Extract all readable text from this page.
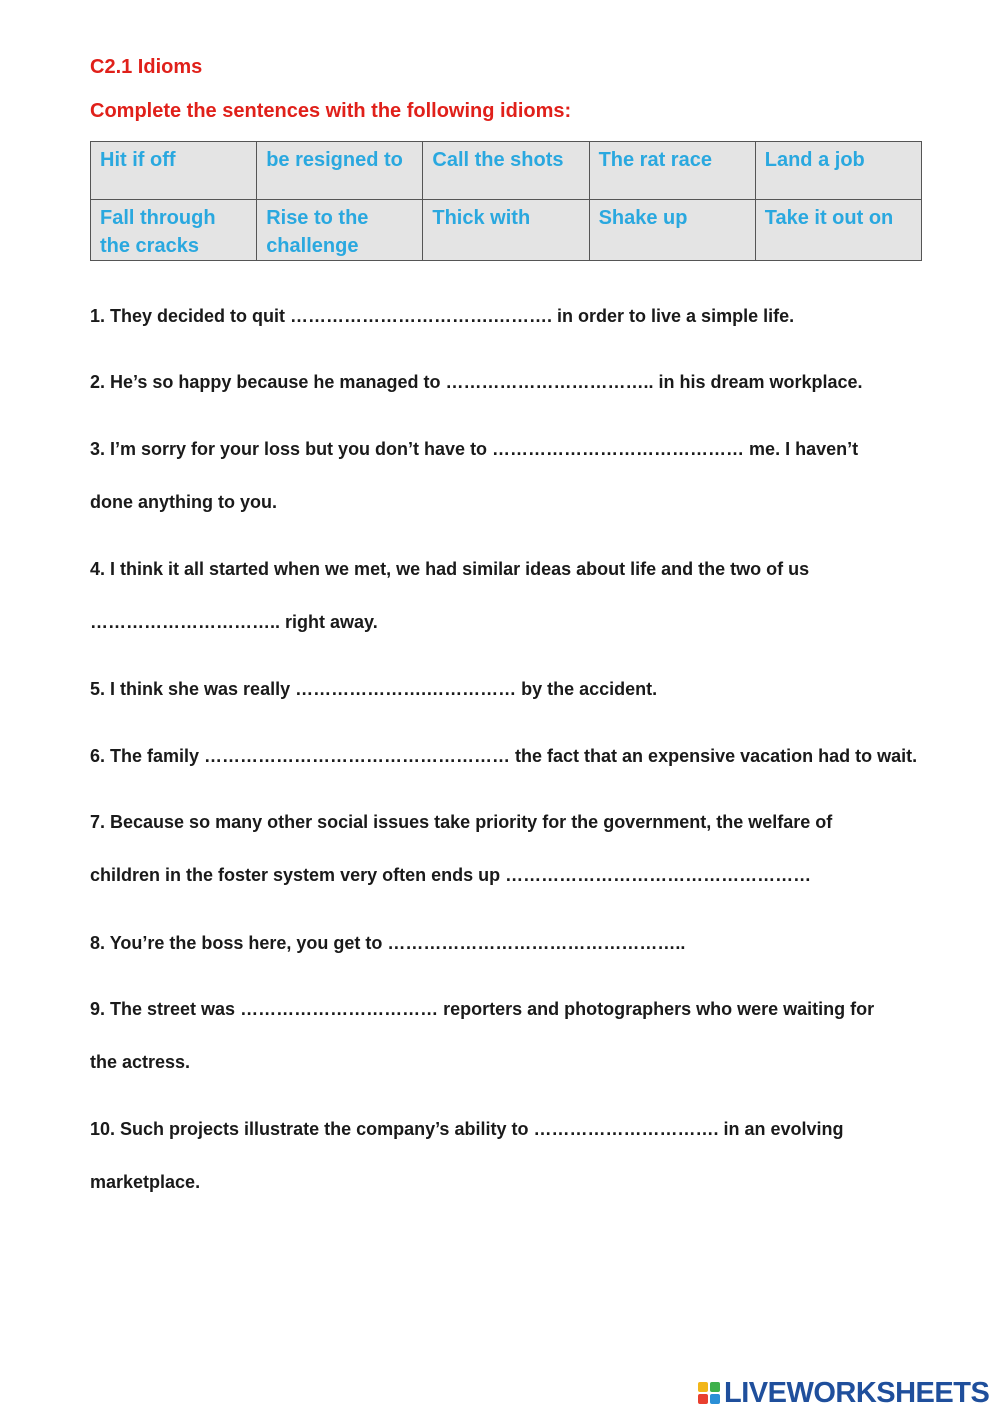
C2.1 Idioms

Complete the sentences with the following idioms:

Hit if off	be resigned to	Call the shots	The rat race	Land a job
Fall through the cracks	Rise to the challenge	Thick with	Shake up	Take it out on
1. They decided to quit …………………………….………. in order to live a simple life.
2. He’s so happy because he managed to …………………………….. in his dream workplace.
3. I’m sorry for your loss but you don’t have to …………………………………… me. I haven’t
done anything to you.
4. I think it all started when we met, we had similar ideas about life and the two of us
………………………….. right away.
5. I think she was really ………………….…………… by the accident.
6. The family …………………………………………… the fact that an expensive vacation had to wait.
7. Because so many other social issues take priority for the government, the welfare of
children in the foster system very often ends up ……………………………………………
8. You’re the boss here, you get to …………………………………………..
9. The street was …………………………… reporters and photographers who were waiting for
the actress.
10. Such projects illustrate the company’s ability to …………………………. in an evolving
marketplace.
LIVEWORKSHEETS
